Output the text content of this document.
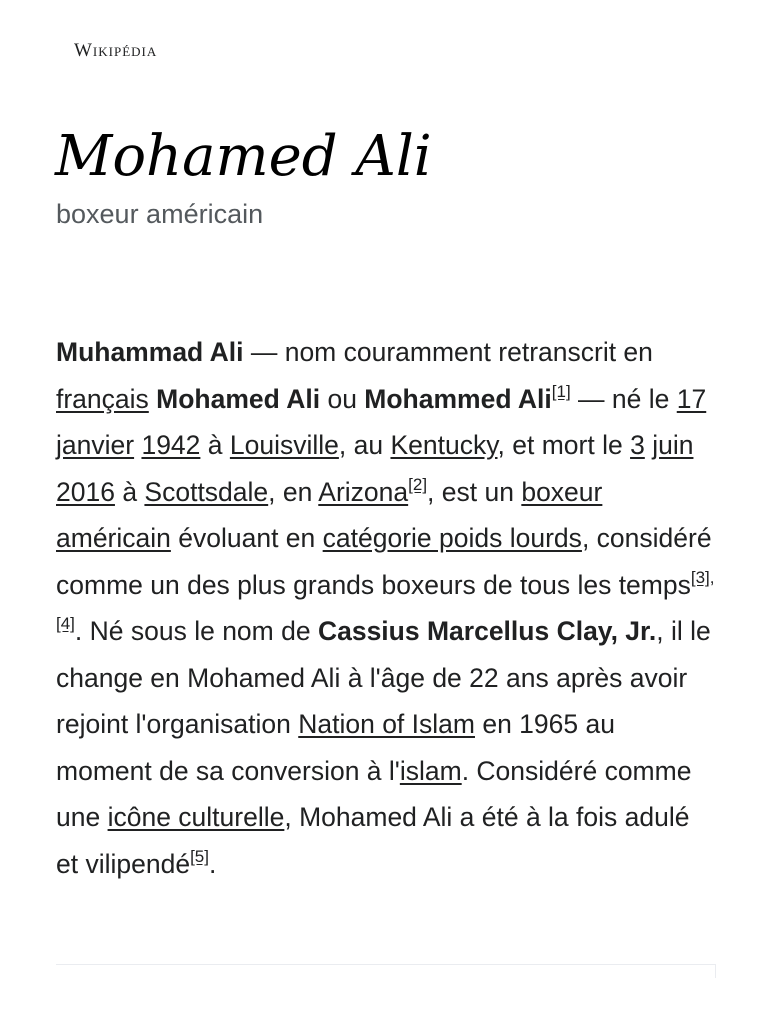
Wikipédia
Mohamed Ali
boxeur américain

Muhammad Ali — nom couramment retranscrit en français Mohamed Ali ou Mohammed Ali[1] — né le 17 janvier 1942 à Louisville, au Kentucky, et mort le 3 juin 2016 à Scottsdale, en Arizona[2], est un boxeur américain évoluant en catégorie poids lourds, considéré comme un des plus grands boxeurs de tous les temps[3],[4]. Né sous le nom de Cassius Marcellus Clay, Jr., il le change en Mohamed Ali à l'âge de 22 ans après avoir rejoint l'organisation Nation of Islam en 1965 au moment de sa conversion à l'islam. Considéré comme une icône culturelle, Mohamed Ali a été à la fois adulé et vilipendé[5].
